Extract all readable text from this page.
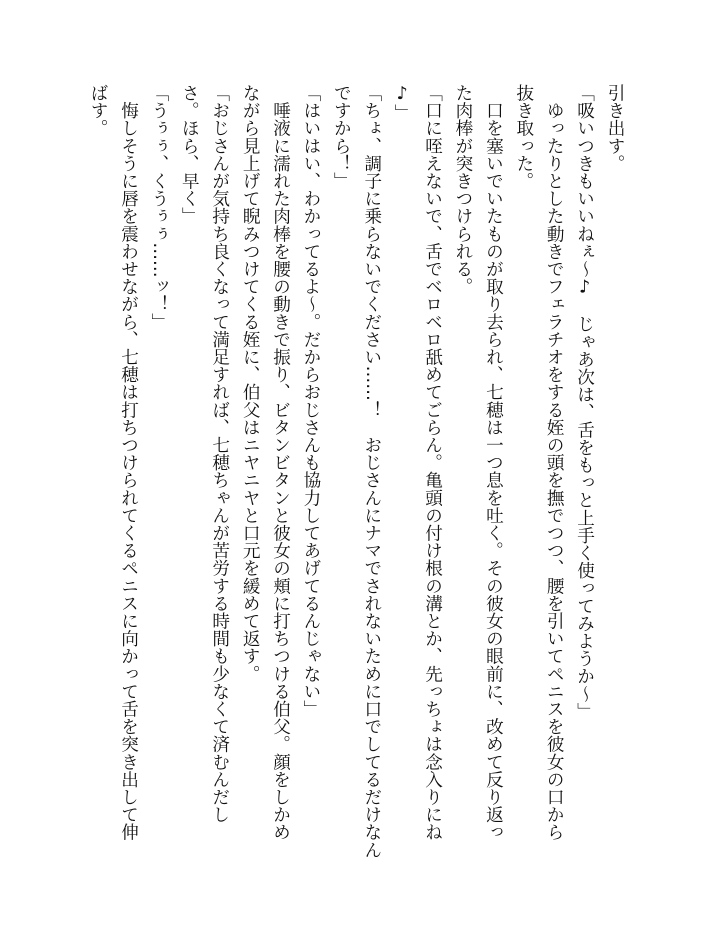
引き出す。
「吸いつきもいいねぇ～♪　じゃあ次は、舌をもっと上手く使ってみようか～」
　ゆったりとした動きでフェラチオをする姪の頭を撫でつつ、腰を引いてペニスを彼女の口から
抜き取った。
　口を塞いでいたものが取り去られ、七穂は一つ息を吐く。その彼女の眼前に、改めて反り返っ
た肉棒が突きつけられる。
「口に咥えないで、舌でベロベロ舐めてごらん。亀頭の付け根の溝とか、先っちょは念入りにね
♪」
「ちょ、調子に乗らないでください……！　おじさんにナマでされないために口でしてるだけなん
ですから！」
「はいはい、わかってるよ～。だからおじさんも協力してあげてるんじゃない」
　唾液に濡れた肉棒を腰の動きで振り、ビタンビタンと彼女の頬に打ちつける伯父。顔をしかめ
ながら見上げて睨みつけてくる姪に、伯父はニヤニヤと口元を緩めて返す。
「おじさんが気持ち良くなって満足すれば、七穂ちゃんが苦労する時間も少なくて済むんだし
さ。ほら、早く」
「うぅぅ、くうぅぅ……ッ！」
　悔しそうに唇を震わせながら、七穂は打ちつけられてくるペニスに向かって舌を突き出して伸
ばす。
